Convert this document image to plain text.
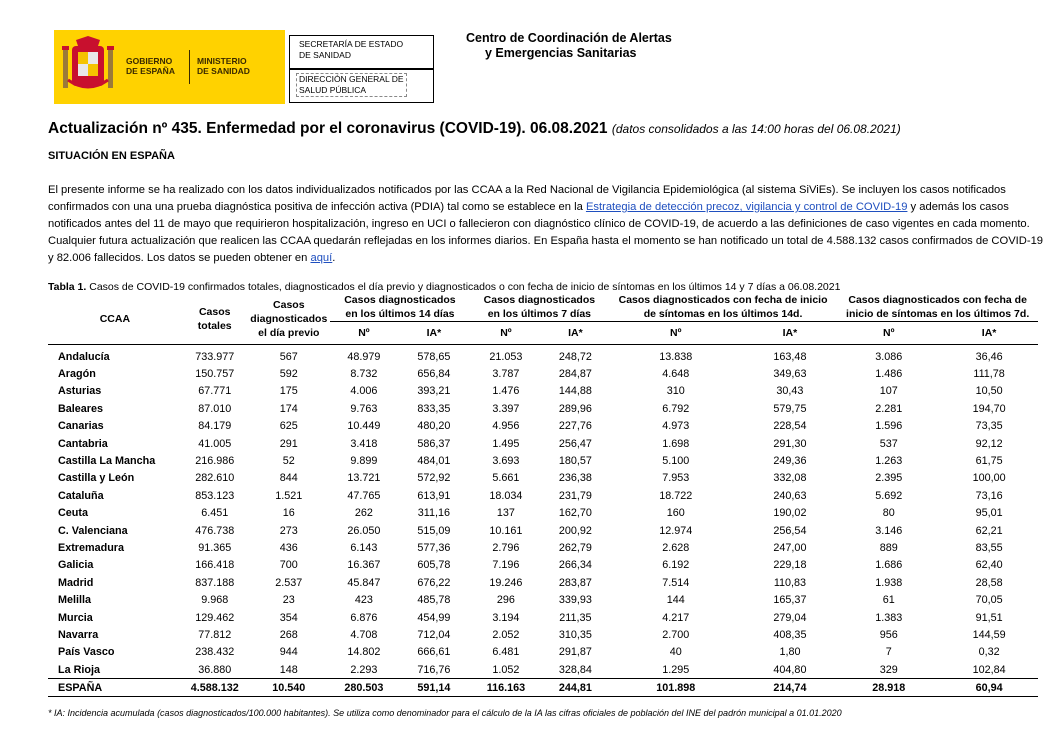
GOBIERNO
DE ESPAÑA
MINISTERIO
DE SANIDAD
SECRETARÍA DE ESTADO
DE SANIDAD
DIRECCIÓN GENERAL DE
SALUD PÚBLICA
Centro de Coordinación de Alertas
y Emergencias Sanitarias
Actualización nº 435. Enfermedad por el coronavirus (COVID-19). 06.08.2021 (datos consolidados a las 14:00 horas del 06.08.2021)
SITUACIÓN EN ESPAÑA
El presente informe se ha realizado con los datos individualizados notificados por las CCAA a la Red Nacional de Vigilancia Epidemiológica (al sistema SiViEs). Se incluyen los casos notificados confirmados con una una prueba diagnóstica positiva de infección activa (PDIA) tal como se establece en la Estrategia de detección precoz, vigilancia y control de COVID-19 y además los casos notificados antes del 11 de mayo que requirieron hospitalización, ingreso en UCI o fallecieron con diagnóstico clínico de COVID-19, de acuerdo a las definiciones de caso vigentes en cada momento. Cualquier futura actualización que realicen las CCAA quedarán reflejadas en los informes diarios. En España hasta el momento se han notificado un total de 4.588.132 casos confirmados de COVID-19 y 82.006 fallecidos. Los datos se pueden obtener en aquí.
Tabla 1. Casos de COVID-19 confirmados totales, diagnosticados el día previo y diagnosticados o con fecha de inicio de síntomas en los últimos 14 y 7 días a 06.08.2021
CCAA	Casos totales	Casos diagnosticados el día previo	Casos diagnosticados en los últimos 14 días		Casos diagnosticados en los últimos 7 días		Casos diagnosticados con fecha de inicio de síntomas en los últimos 14d.		Casos diagnosticados con fecha de inicio de síntomas en los últimos 7d.	
			Nº	IA*	Nº	IA*	Nº	IA*	Nº	IA*
Andalucía	733.977	567	48.979	578,65	21.053	248,72	13.838	163,48	3.086	36,46
Aragón	150.757	592	8.732	656,84	3.787	284,87	4.648	349,63	1.486	111,78
Asturias	67.771	175	4.006	393,21	1.476	144,88	310	30,43	107	10,50
Baleares	87.010	174	9.763	833,35	3.397	289,96	6.792	579,75	2.281	194,70
Canarias	84.179	625	10.449	480,20	4.956	227,76	4.973	228,54	1.596	73,35
Cantabria	41.005	291	3.418	586,37	1.495	256,47	1.698	291,30	537	92,12
Castilla La Mancha	216.986	52	9.899	484,01	3.693	180,57	5.100	249,36	1.263	61,75
Castilla y León	282.610	844	13.721	572,92	5.661	236,38	7.953	332,08	2.395	100,00
Cataluña	853.123	1.521	47.765	613,91	18.034	231,79	18.722	240,63	5.692	73,16
Ceuta	6.451	16	262	311,16	137	162,70	160	190,02	80	95,01
C. Valenciana	476.738	273	26.050	515,09	10.161	200,92	12.974	256,54	3.146	62,21
Extremadura	91.365	436	6.143	577,36	2.796	262,79	2.628	247,00	889	83,55
Galicia	166.418	700	16.367	605,78	7.196	266,34	6.192	229,18	1.686	62,40
Madrid	837.188	2.537	45.847	676,22	19.246	283,87	7.514	110,83	1.938	28,58
Melilla	9.968	23	423	485,78	296	339,93	144	165,37	61	70,05
Murcia	129.462	354	6.876	454,99	3.194	211,35	4.217	279,04	1.383	91,51
Navarra	77.812	268	4.708	712,04	2.052	310,35	2.700	408,35	956	144,59
País Vasco	238.432	944	14.802	666,61	6.481	291,87	40	1,80	7	0,32
La Rioja	36.880	148	2.293	716,76	1.052	328,84	1.295	404,80	329	102,84
ESPAÑA	4.588.132	10.540	280.503	591,14	116.163	244,81	101.898	214,74	28.918	60,94
* IA: Incidencia acumulada (casos diagnosticados/100.000 habitantes). Se utiliza como denominador para el cálculo de la IA las cifras oficiales de población del INE del padrón municipal a 01.01.2020
